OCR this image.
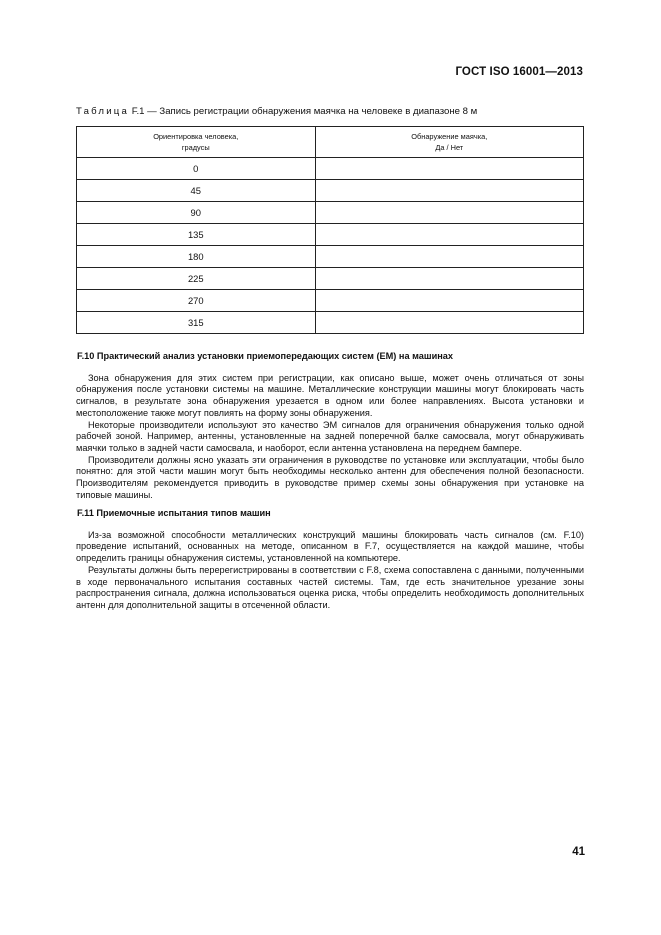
ГОСТ ISO 16001—2013
Таблица F.1 — Запись регистрации обнаружения маячка на человеке в диапазоне 8 м
Ориентировка человека,
градусы	Обнаружение маячка,
Да / Нет
0	
45	
90	
135	
180	
225	
270	
315	
F.10 Практический анализ установки приемопередающих систем (ЕМ) на машинах

Зона обнаружения для этих систем при регистрации, как описано выше, может очень отличаться от зоны обнаружения после установки системы на машине. Металлические конструкции машины могут блокировать часть сигналов, в результате зона обнаружения урезается в одном или более направлениях. Высота установки и местоположение также могут повлиять на форму зоны обнаружения.

Некоторые производители используют это качество ЭМ сигналов для ограничения обнаружения только одной рабочей зоной. Например, антенны, установленные на задней поперечной балке самосвала, могут обнаруживать маячки только в задней части самосвала, и наоборот, если антенна установлена на переднем бампере.

Производители должны ясно указать эти ограничения в руководстве по установке или эксплуатации, чтобы было понятно: для этой части машин могут быть необходимы несколько антенн для обеспечения полной безопасности. Производителям рекомендуется приводить в руководстве пример схемы зоны обнаружения при установке на типовые машины.

F.11 Приемочные испытания типов машин

Из-за возможной способности металлических конструкций машины блокировать часть сигналов (см. F.10) проведение испытаний, основанных на методе, описанном в F.7, осуществляется на каждой машине, чтобы определить границы обнаружения системы, установленной на компьютере.

Результаты должны быть перерегистрированы в соответствии с F.8, схема сопоставлена с данными, полученными в ходе первоначального испытания составных частей системы. Там, где есть значительное урезание зоны распространения сигнала, должна использоваться оценка риска, чтобы определить необходимость дополнительных антенн для дополнительной защиты в отсеченной области.

41
